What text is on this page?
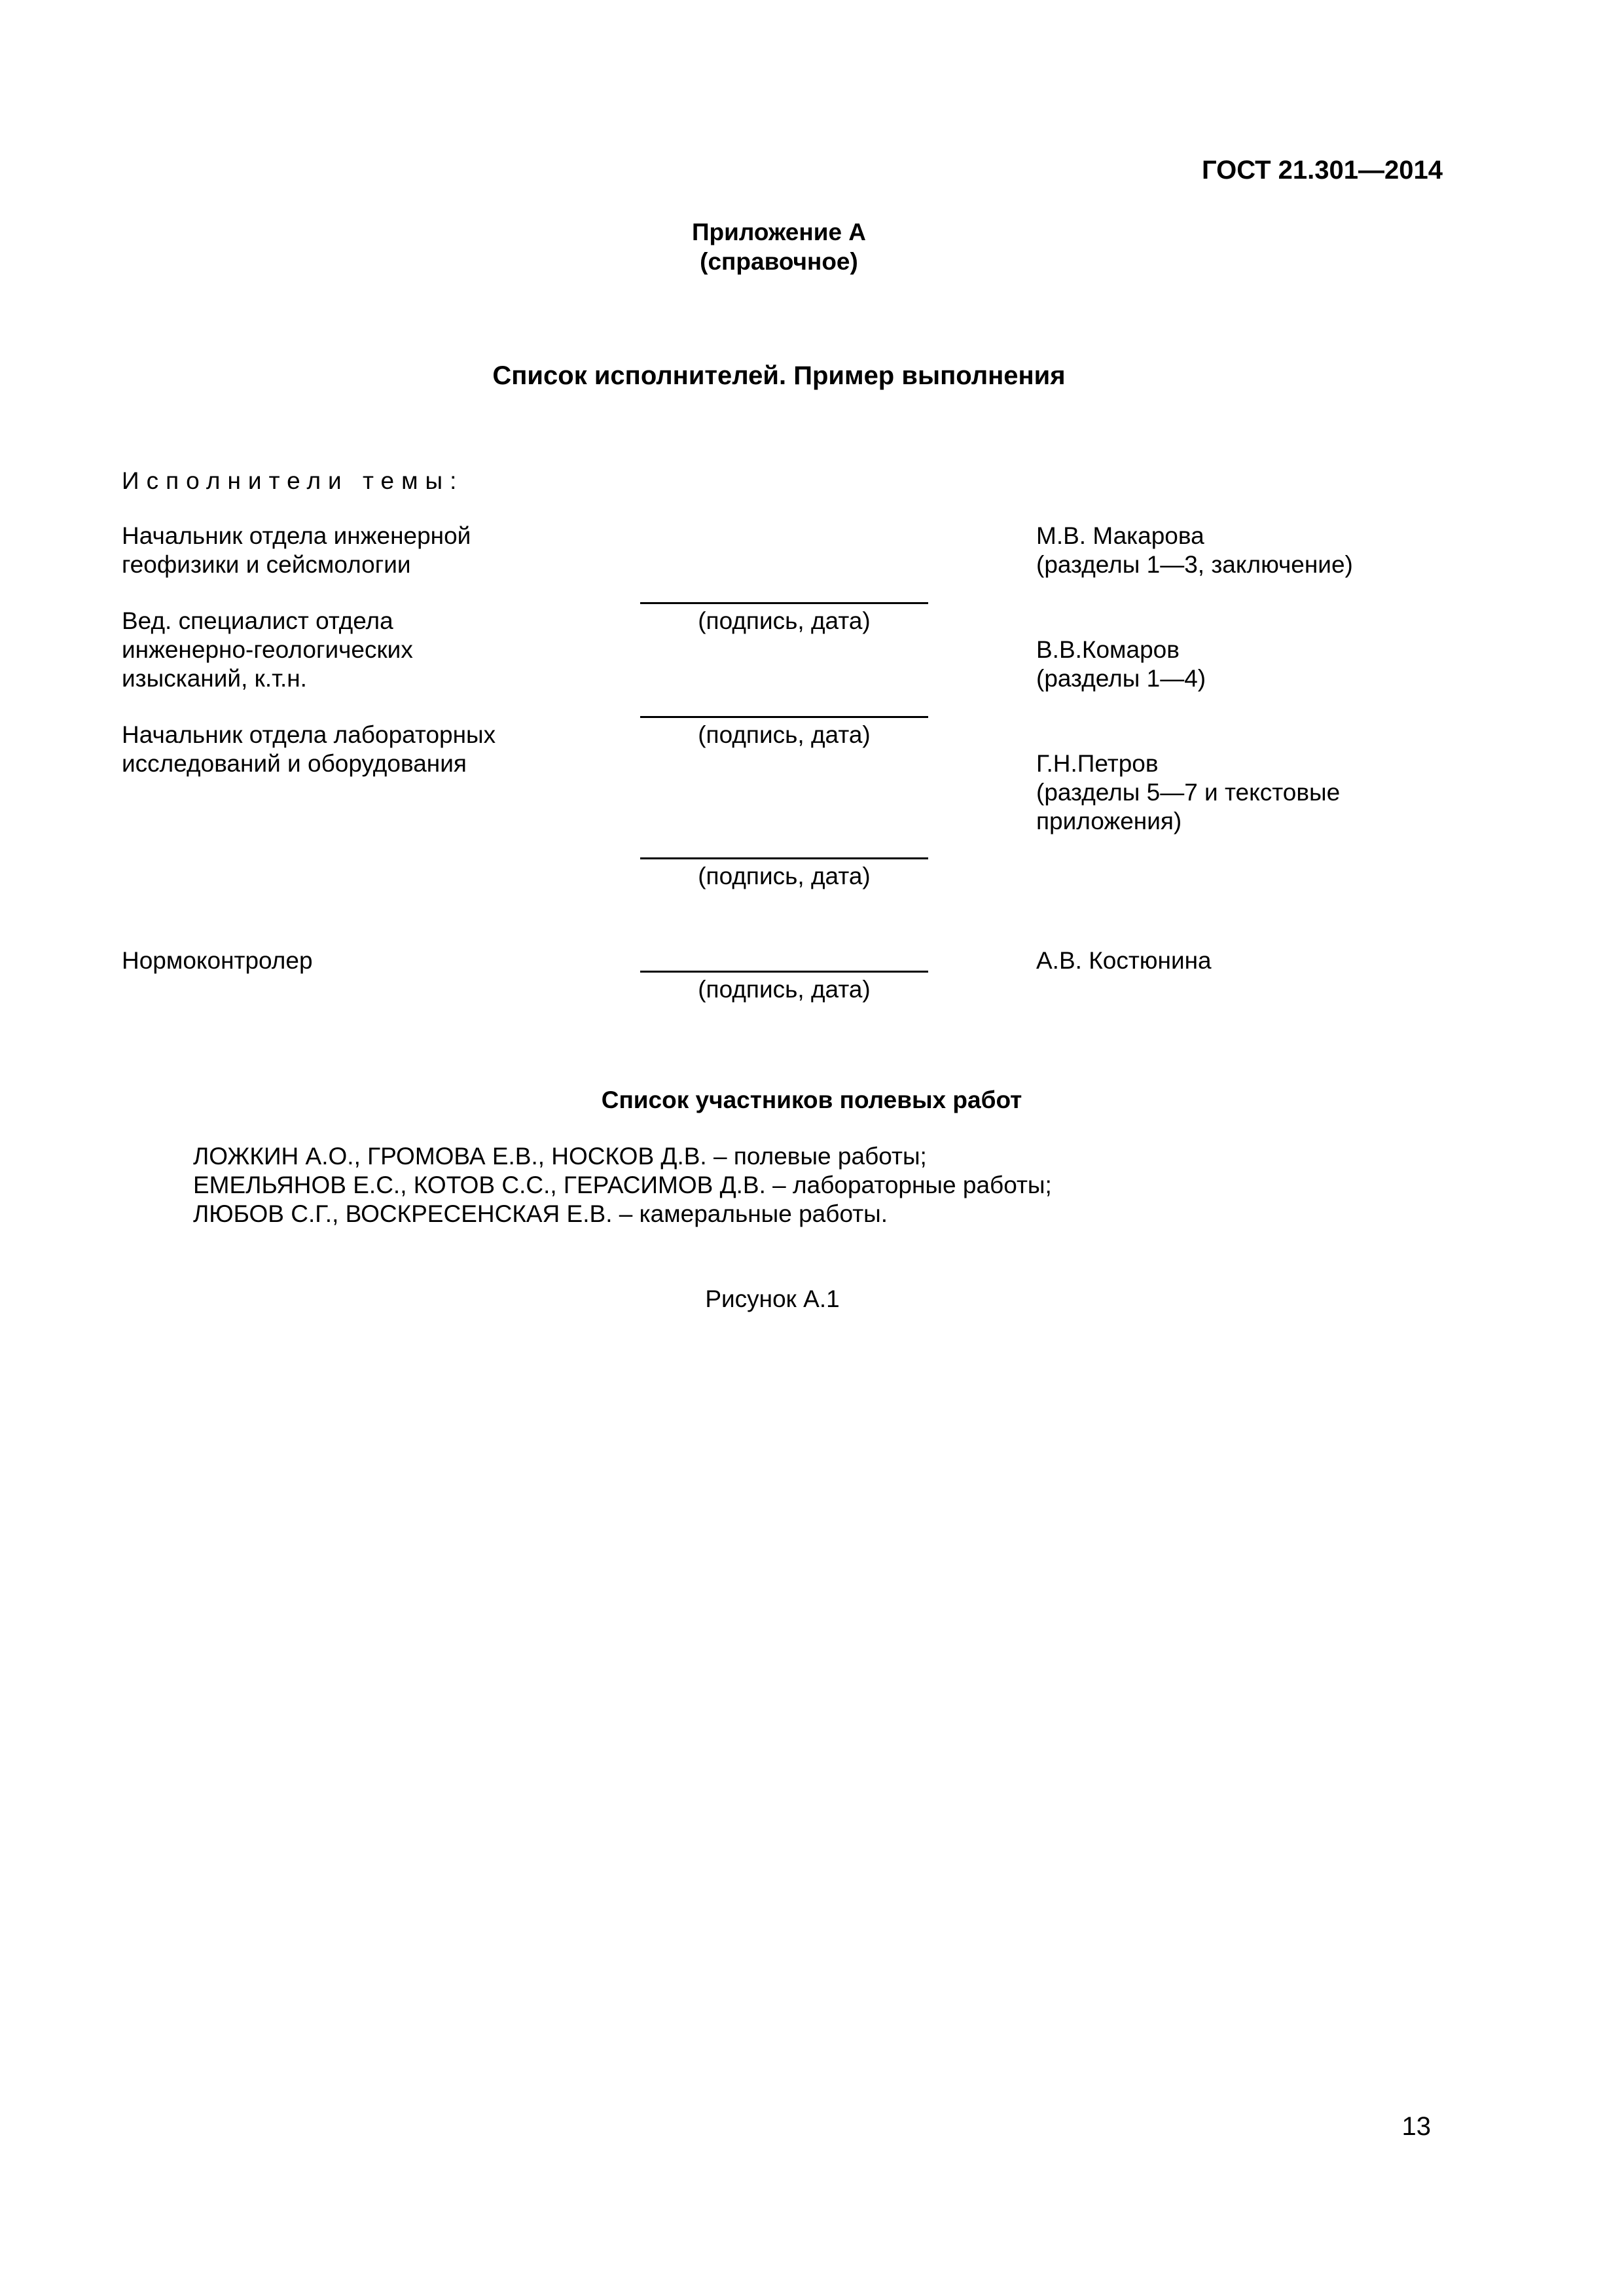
ГОСТ 21.301—2014
Приложение А
(справочное)
Список исполнителей. Пример выполнения
Исполнители темы:
Начальник отдела инженерной
геофизики и сейсмологии
М.В. Макарова
(разделы 1—3, заключение)
(подпись, дата)
Вед. специалист отдела
инженерно-геологических
изысканий, к.т.н.
В.В.Комаров
(разделы 1—4)
(подпись, дата)
Начальник отдела лабораторных
исследований и оборудования	Г.Н.Петров
(разделы 5—7 и текстовые
приложения)
(подпись, дата)
Нормоконтролер	А.В. Костюнина
(подпись, дата)
Список участников полевых работ
ЛОЖКИН А.О., ГРОМОВА Е.В., НОСКОВ Д.В. – полевые работы;
ЕМЕЛЬЯНОВ Е.С., КОТОВ С.С., ГЕРАСИМОВ Д.В. – лабораторные работы;
ЛЮБОВ С.Г., ВОСКРЕСЕНСКАЯ Е.В. – камеральные работы.
Рисунок А.1
13
